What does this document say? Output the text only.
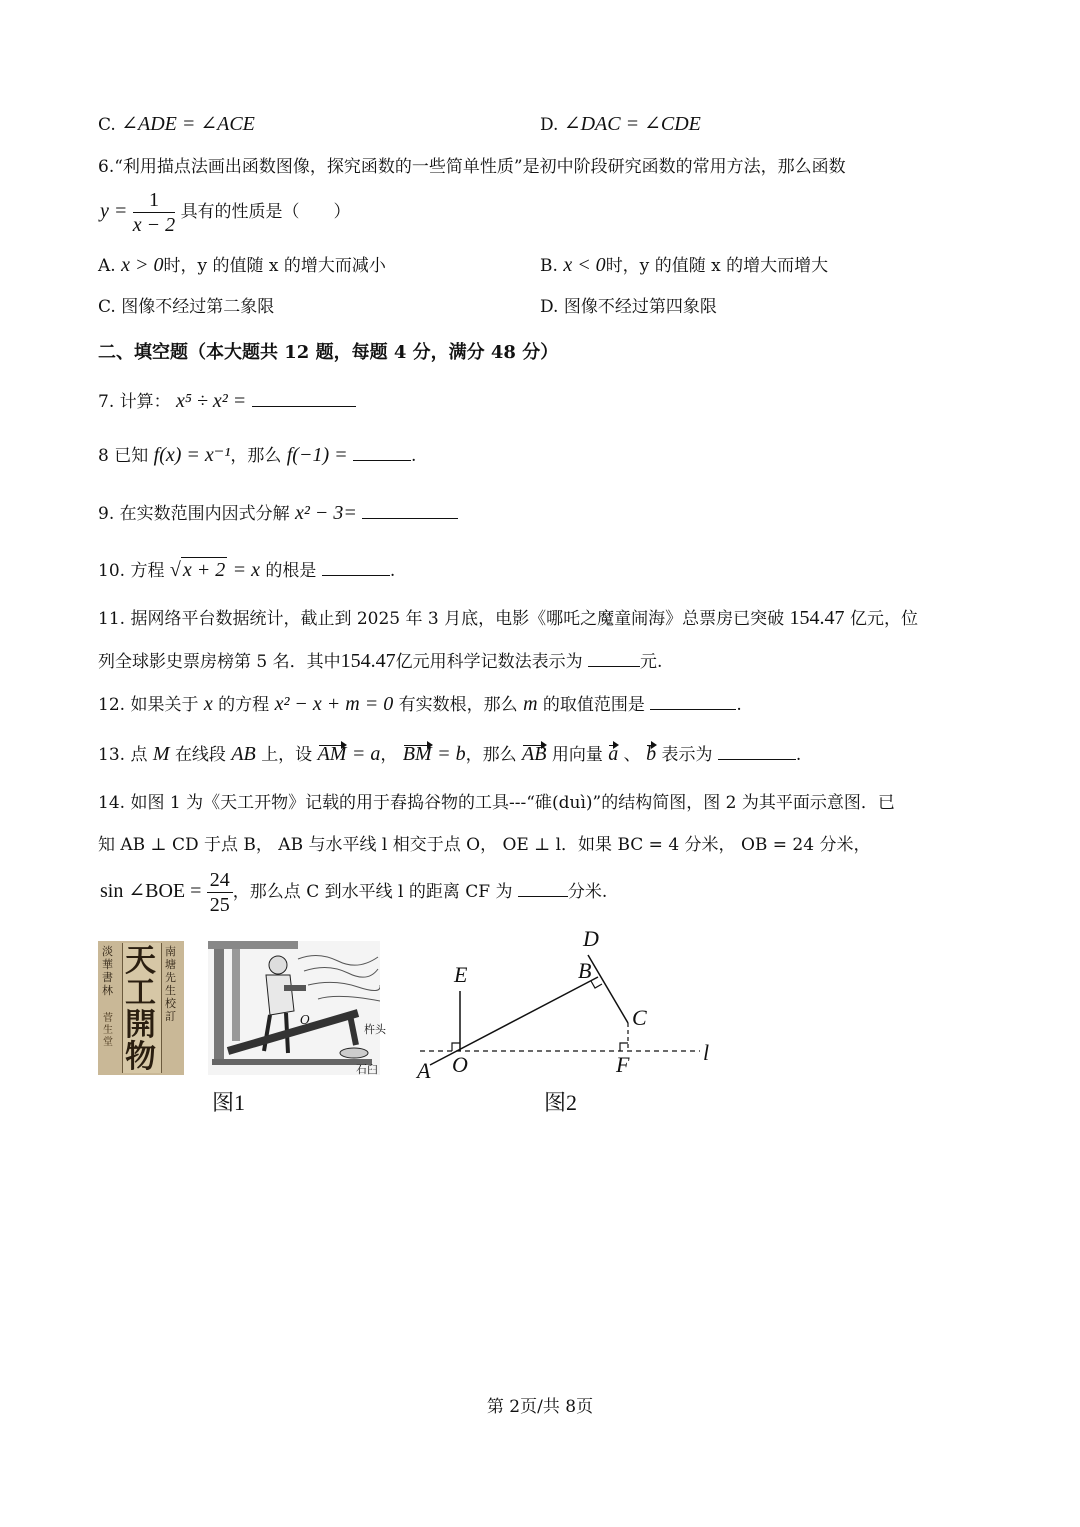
C. ∠ADE = ∠ACE	D. ∠DAC = ∠CDE
6.“利用描点法画出函数图像，探究函数的一些简单性质”是初中阶段研究函数的常用方法，那么函数
$y = \frac{1}{x - 2}$ 具有的性质是（　　）
A. x > 0时，y 的值随 x 的增大而减小	B. x < 0时，y 的值随 x 的增大而增大
C. 图像不经过第二象限	D. 图像不经过第四象限
二、填空题（本大题共 12 题，每题 4 分，满分 48 分）
7. 计算： x⁵ ÷ x² =
8 已知 f(x) = x⁻¹，那么 f(−1) =	.
9. 在实数范围内因式分解 x² − 3=
10. 方程 √ x + 2 = x 的根是	.
11. 据网络平台数据统计，截止到 2025 年 3 月底，电影《哪吒之魔童闹海》总票房已突破 154.47 亿元，位
列全球影史票房榜第 5 名．其中154.47亿元用科学记数法表示为	元.
12. 如果关于 x 的方程 x² − x + m = 0 有实数根，那么 m 的取值范围是	.
13. 点 M 在线段 AB 上，设 AM = a， BM = b，那么 AB 用向量 a 、 b 表示为	.
14. 如图 1 为《天工开物》记载的用于舂捣谷物的工具---“碓(duì)”的结构简图，图 2 为其平面示意图．已
知 AB ⊥ CD 于点 B， AB 与水平线 l 相交于点 O， OE ⊥ l．如果 BC = 4 分米， OB = 24 分米，
sin ∠BOE = $\frac{24}{25}$ ，那么点 C 到水平线 l 的距离 CF 为	分米.
天工開物
南塘先生校訂
淡華書林
菅生堂
O
杵头
石臼
图1
A O
E	B
D
C
F	l
图2
第 2页/共 8页
